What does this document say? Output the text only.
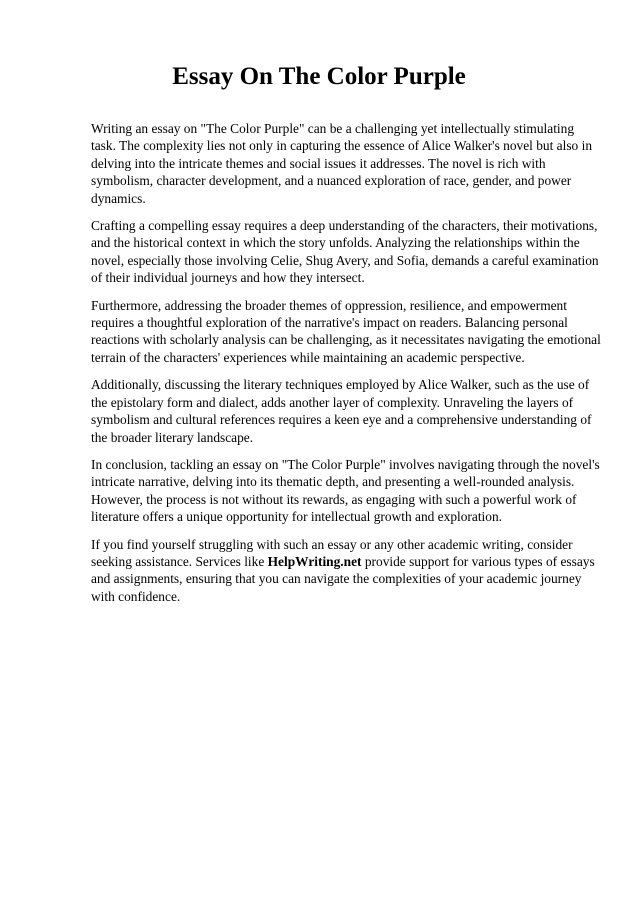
Essay On The Color Purple

Writing an essay on "The Color Purple" can be a challenging yet intellectually stimulating task. The complexity lies not only in capturing the essence of Alice Walker's novel but also in delving into the intricate themes and social issues it addresses. The novel is rich with symbolism, character development, and a nuanced exploration of race, gender, and power dynamics.

Crafting a compelling essay requires a deep understanding of the characters, their motivations, and the historical context in which the story unfolds. Analyzing the relationships within the novel, especially those involving Celie, Shug Avery, and Sofia, demands a careful examination of their individual journeys and how they intersect.

Furthermore, addressing the broader themes of oppression, resilience, and empowerment requires a thoughtful exploration of the narrative's impact on readers. Balancing personal reactions with scholarly analysis can be challenging, as it necessitates navigating the emotional terrain of the characters' experiences while maintaining an academic perspective.

Additionally, discussing the literary techniques employed by Alice Walker, such as the use of the epistolary form and dialect, adds another layer of complexity. Unraveling the layers of symbolism and cultural references requires a keen eye and a comprehensive understanding of the broader literary landscape.

In conclusion, tackling an essay on "The Color Purple" involves navigating through the novel's intricate narrative, delving into its thematic depth, and presenting a well-rounded analysis. However, the process is not without its rewards, as engaging with such a powerful work of literature offers a unique opportunity for intellectual growth and exploration.

If you find yourself struggling with such an essay or any other academic writing, consider seeking assistance. Services like HelpWriting.net provide support for various types of essays and assignments, ensuring that you can navigate the complexities of your academic journey with confidence.
